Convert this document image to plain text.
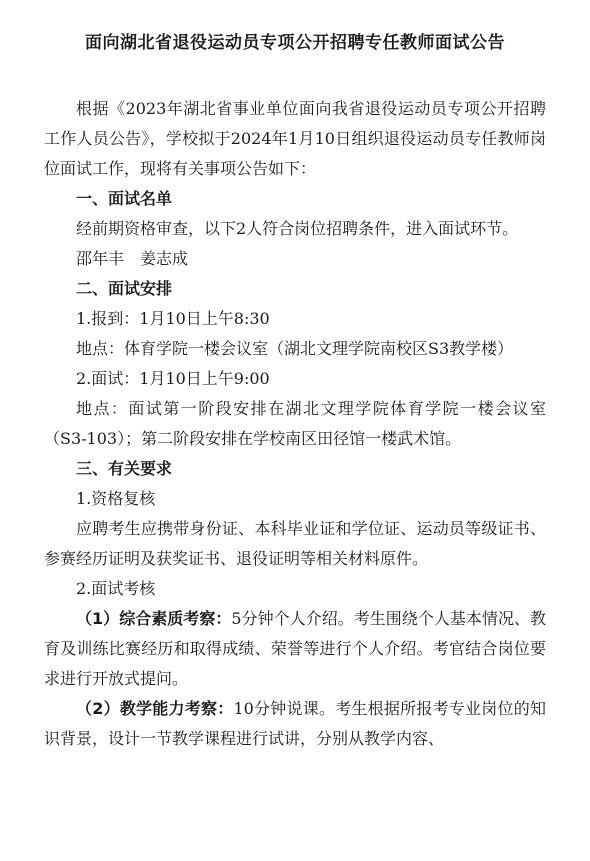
面向湖北省退役运动员专项公开招聘专任教师面试公告

根据《2023年湖北省事业单位面向我省退役运动员专项公开招聘工作人员公告》，学校拟于2024年1月10日组织退役运动员专任教师岗位面试工作，现将有关事项公告如下：

一、面试名单

经前期资格审查，以下2人符合岗位招聘条件，进入面试环节。

邵年丰　姜志成

二、面试安排

1.报到：1月10日上午8:30

地点：体育学院一楼会议室（湖北文理学院南校区S3教学楼）

2.面试：1月10日上午9:00

地点：面试第一阶段安排在湖北文理学院体育学院一楼会议室（S3-103）；第二阶段安排在学校南区田径馆一楼武术馆。

三、有关要求

1.资格复核

应聘考生应携带身份证、本科毕业证和学位证、运动员等级证书、参赛经历证明及获奖证书、退役证明等相关材料原件。

2.面试考核

（1）综合素质考察：5分钟个人介绍。考生围绕个人基本情况、教育及训练比赛经历和取得成绩、荣誉等进行个人介绍。考官结合岗位要求进行开放式提问。

（2）教学能力考察：10分钟说课。考生根据所报考专业岗位的知识背景，设计一节教学课程进行试讲，分别从教学内容、
